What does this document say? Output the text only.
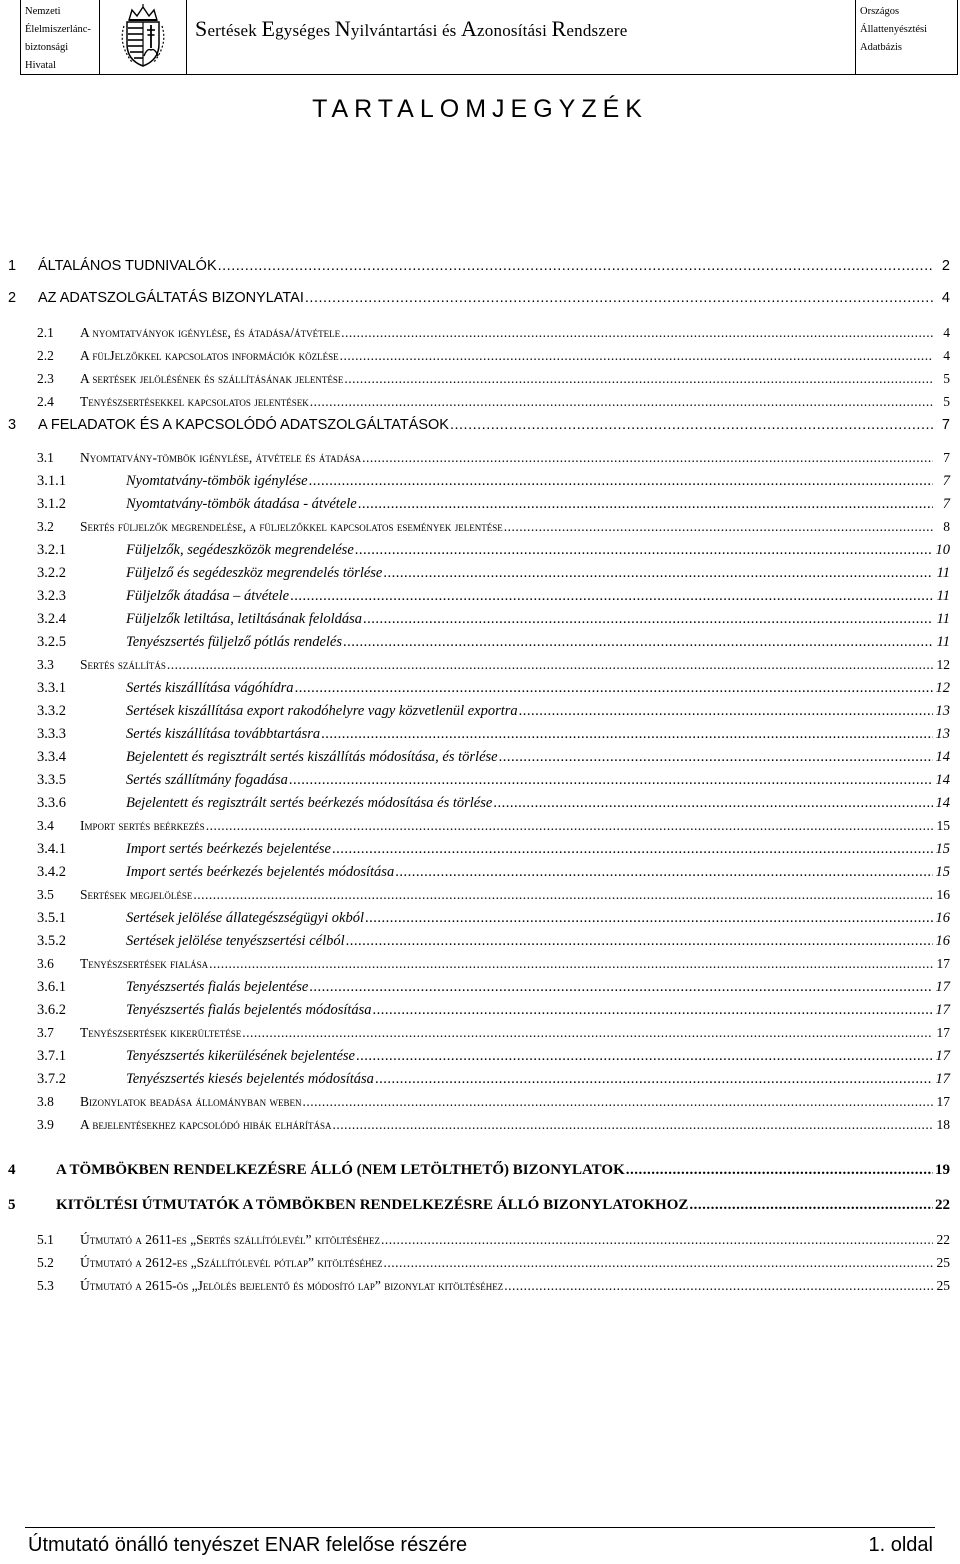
Nemzeti
Élelmiszerlánc-
biztonsági
Hivatal
Sertések Egységes Nyilvántartási és Azonosítási Rendszere
Országos
Állattenyésztési
Adatbázis
TARTALOMJEGYZÉK
1 ÁLTALÁNOS TUDNIVALÓK .....	2
2 AZ ADATSZOLGÁLTATÁS BIZONYLATAI .....	4
2.1 A nyomtatványok igénylése, és átadása/átvétele .....	4
2.2 A fülJelzőkkel kapcsolatos információk közlése .....	4
2.3 A sertések jelölésének és szállításának jelentése .....	5
2.4 Tenyészsertésekkel kapcsolatos jelentések .....	5
3 A FELADATOK ÉS A KAPCSOLÓDÓ ADATSZOLGÁLTATÁSOK .....	7
3.1 Nyomtatvány-tömbök igénylése, átvétele és átadása .....	7
3.1.1	Nyomtatvány-tömbök igénylése .....	7
3.1.2	Nyomtatvány-tömbök átadása - átvétele .....	7
3.2 Sertés füljelzők megrendelése, a füljelzőkkel kapcsolatos események jelentése .....	8
3.2.1	Füljelzők, segédeszközök megrendelése .....	10
3.2.2	Füljelző és segédeszköz megrendelés törlése .....	11
3.2.3	Füljelzők átadása – átvétele .....	11
3.2.4	Füljelzők letiltása, letiltásának feloldása .....	11
3.2.5	Tenyészsertés füljelző pótlás rendelés .....	11
3.3 Sertés szállítás .....	12
3.3.1	Sertés kiszállítása vágóhídra .....	12
3.3.2	Sertések kiszállítása export rakodóhelyre vagy közvetlenül exportra .....	13
3.3.3	Sertés kiszállítása továbbtartásra .....	13
3.3.4	Bejelentett és regisztrált sertés kiszállítás módosítása, és törlése .....	14
3.3.5	Sertés szállítmány fogadása .....	14
3.3.6	Bejelentett és regisztrált sertés beérkezés módosítása és törlése .....	14
3.4 Import sertés beérkezés .....	15
3.4.1	Import sertés beérkezés bejelentése .....	15
3.4.2	Import sertés beérkezés bejelentés módosítása .....	15
3.5 Sertések megjelölése .....	16
3.5.1	Sertések jelölése állategészségügyi okból .....	16
3.5.2	Sertések jelölése tenyészsertési célból .....	16
3.6 Tenyészsertések fialása .....	17
3.6.1	Tenyészsertés fialás bejelentése .....	17
3.6.2	Tenyészsertés fialás bejelentés módosítása .....	17
3.7 Tenyészsertések kikerültetése .....	17
3.7.1	Tenyészsertés kikerülésének bejelentése .....	17
3.7.2	Tenyészsertés kiesés bejelentés módosítása .....	17
3.8 Bizonylatok beadása állományban weben .....	17
3.9 A bejelentésekhez kapcsolódó hibák elhárítása .....	18
4	A TÖMBÖKBEN RENDELKEZÉSRE ÁLLÓ (NEM LETÖLTHETŐ) BIZONYLATOK .....	19
5	KITÖLTÉSI ÚTMUTATÓK A TÖMBÖKBEN RENDELKEZÉSRE ÁLLÓ BIZONYLATOKHOZ .....	22
5.1 Útmutató a 2611-es „Sertés szállítólevél” kitöltéséhez .....	22
5.2 Útmutató a 2612-es „Szállítólevél pótlap” kitöltéséhez .....	25
5.3 Útmutató a 2615-ös „Jelölés bejelentő és módosító lap” bizonylat kitöltéséhez .....	25
Útmutató önálló tenyészet ENAR felelőse részére	1. oldal
